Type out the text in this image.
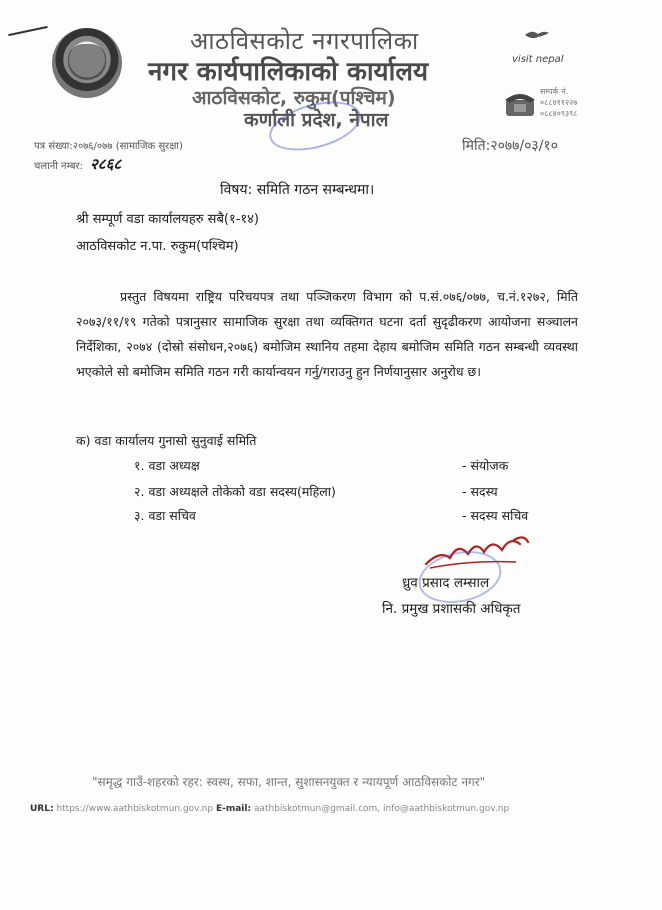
आठविसकोट नगरपालिका
नगर कार्यपालिकाको कार्यालय
आठविसकोट, रुकुम(पश्चिम)
कर्णाली प्रदेश, नेपाल
visit nepal
सम्पर्क नं.
०८८४११२२७
०८८४०९३९८
पत्र संख्या:२०७६/०७७ (सामाजिक सुरक्षा)
चलानी नम्बर: २८६८
मिति:२०७७/०३/१०
विषय: समिति गठन सम्बन्धमा।
श्री सम्पूर्ण वडा कार्यालयहरु सबै(१-१४)
आठविसकोट न.पा. रुकुम(पश्चिम)
प्रस्तुत विषयमा राष्ट्रिय परिचयपत्र तथा पञ्जिकरण विभाग को प.सं.०७६/०७७, च.नं.१२७२, मिति २०७३/११/१९ गतेको पत्रानुसार सामाजिक सुरक्षा तथा व्यक्तिगत घटना दर्ता सुदृढीकरण आयोजना सञ्चालन निर्देशिका, २०७४ (दोस्रो संसोधन,२०७६) बमोजिम स्थानिय तहमा देहाय बमोजिम समिति गठन सम्बन्धी व्यवस्था भएकोले सो बमोजिम समिति गठन गरी कार्यान्वयन गर्नु/गराउनु हुन निर्णयानुसार अनुरोध छ।
क) वडा कार्यालय गुनासो सुनुवाई समिति
१. वडा अध्यक्ष	- संयोजक
२. वडा अध्यक्षले तोकेको वडा सदस्य(महिला)	- सदस्य
३. वडा सचिव	- सदस्य सचिव
ध्रुव प्रसाद लम्साल
नि. प्रमुख प्रशासकी अधिकृत
"समृद्ध गाउँ-शहरको रहर: स्वस्थ, सफा, शान्त, सुशासनयुक्त र न्यायपूर्ण आठविसकोट नगर"
URL: https://www.aathbiskotmun.gov.np E-mail: aathbiskotmun@gmail.com, info@aathbiskotmun.gov.np
